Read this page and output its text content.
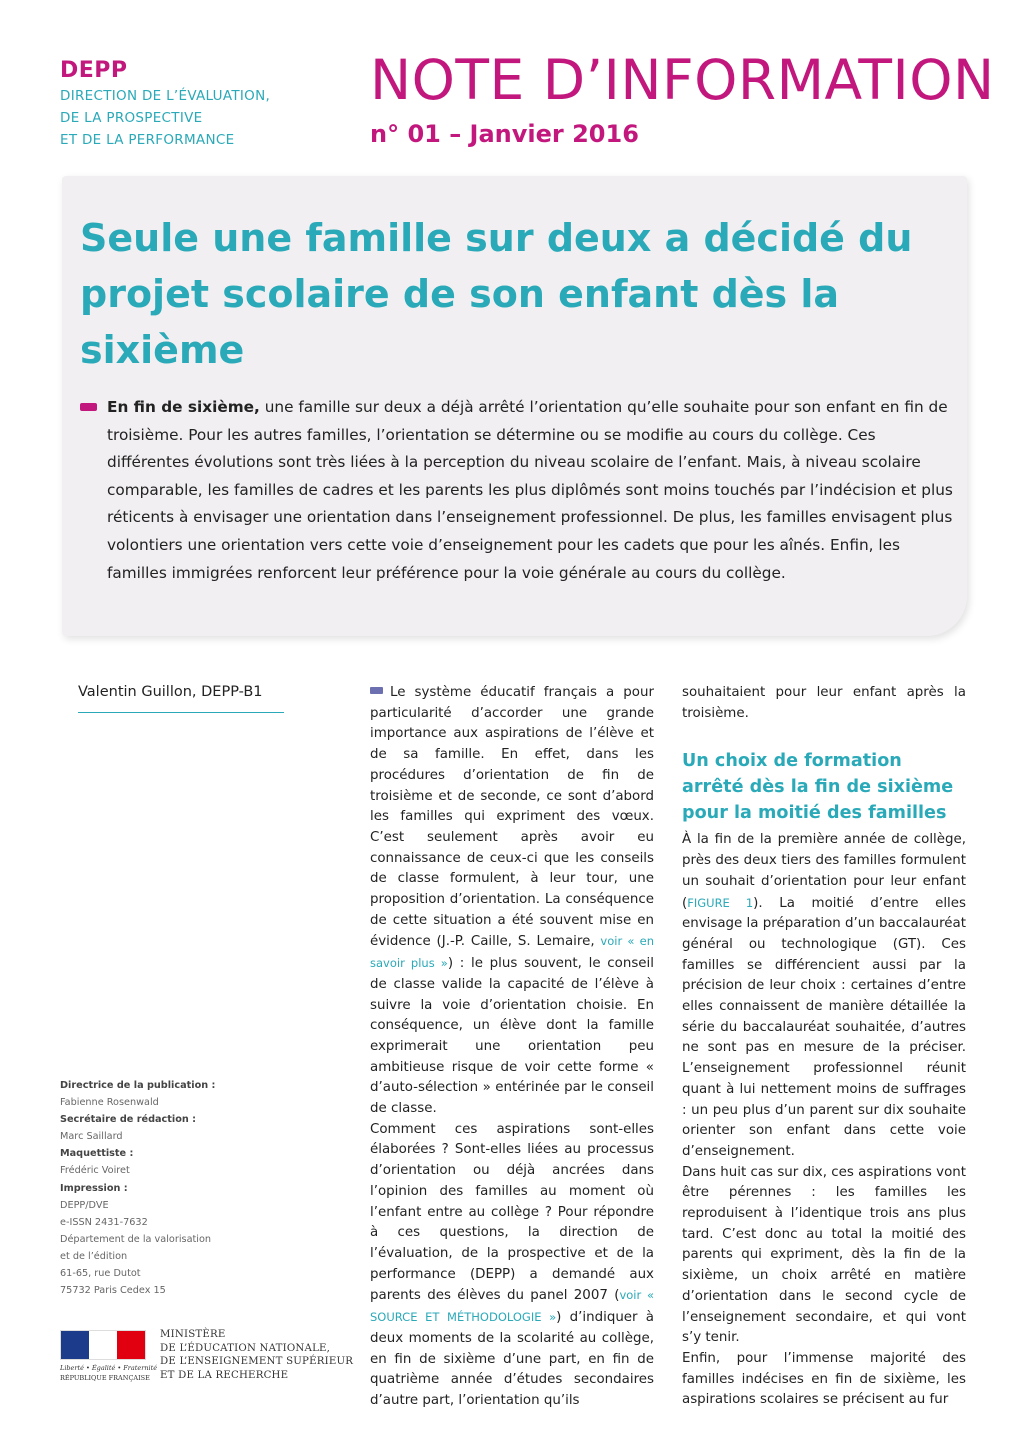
DEPP
DIRECTION DE L’ÉVALUATION,
DE LA PROSPECTIVE
ET DE LA PERFORMANCE
NOTE D’INFORMATION
n° 01 – Janvier 2016
Seule une famille sur deux a décidé du projet scolaire de son enfant dès la sixième

En fin de sixième, une famille sur deux a déjà arrêté l’orientation qu’elle souhaite pour son enfant en fin de troisième. Pour les autres familles, l’orientation se détermine ou se modifie au cours du collège. Ces différentes évolutions sont très liées à la perception du niveau scolaire de l’enfant. Mais, à niveau scolaire comparable, les familles de cadres et les parents les plus diplômés sont moins touchés par l’indécision et plus réticents à envisager une orientation dans l’enseignement professionnel. De plus, les familles envisagent plus volontiers une orientation vers cette voie d’enseignement pour les cadets que pour les aînés. Enfin, les familles immigrées renforcent leur préférence pour la voie générale au cours du collège.

Valentin Guillon, DEPP-B1
Directrice de la publication :
Fabienne Rosenwald
Secrétaire de rédaction :
Marc Saillard
Maquettiste :
Frédéric Voiret
Impression :
DEPP/DVE
e-ISSN 2431-7632
Département de la valorisation
et de l’édition
61-65, rue Dutot
75732 Paris Cedex 15
Liberté • Égalité • Fraternité
RÉPUBLIQUE FRANÇAISE
MINISTÈRE
DE L’ÉDUCATION NATIONALE,
DE L’ENSEIGNEMENT SUPÉRIEUR
ET DE LA RECHERCHE

Le système éducatif français a pour particularité d’accorder une grande importance aux aspirations de l’élève et de sa famille. En effet, dans les procédures d’orientation de fin de troisième et de seconde, ce sont d’abord les familles qui expriment des vœux. C’est seulement après avoir eu connaissance de ceux-ci que les conseils de classe formulent, à leur tour, une proposition d’orientation. La conséquence de cette situation a été souvent mise en évidence (J.-P. Caille, S. Lemaire, voir « en savoir plus ») : le plus souvent, le conseil de classe valide la capacité de l’élève à suivre la voie d’orientation choisie. En conséquence, un élève dont la famille exprimerait une orientation peu ambitieuse risque de voir cette forme « d’auto-sélection » entérinée par le conseil de classe.

Comment ces aspirations sont-elles élaborées ? Sont-elles liées au processus d’orientation ou déjà ancrées dans l’opinion des familles au moment où l’enfant entre au collège ? Pour répondre à ces questions, la direction de l’évaluation, de la prospective et de la performance (DEPP) a demandé aux parents des élèves du panel 2007 (voir « SOURCE ET MÉTHODOLOGIE ») d’indiquer à deux moments de la scolarité au collège, en fin de sixième d’une part, en fin de quatrième année d’études secondaires d’autre part, l’orientation qu’ils

souhaitaient pour leur enfant après la troisième.

Un choix de formation arrêté dès la fin de sixième pour la moitié des familles

À la fin de la première année de collège, près des deux tiers des familles formulent un souhait d’orientation pour leur enfant (FIGURE 1). La moitié d’entre elles envisage la préparation d’un baccalauréat général ou technologique (GT). Ces familles se différencient aussi par la précision de leur choix : certaines d’entre elles connaissent de manière détaillée la série du baccalauréat souhaitée, d’autres ne sont pas en mesure de la préciser. L’enseignement professionnel réunit quant à lui nettement moins de suffrages : un peu plus d’un parent sur dix souhaite orienter son enfant dans cette voie d’enseignement.

Dans huit cas sur dix, ces aspirations vont être pérennes : les familles les reproduisent à l’identique trois ans plus tard. C’est donc au total la moitié des parents qui expriment, dès la fin de la sixième, un choix arrêté en matière d’orientation dans le second cycle de l’enseignement secondaire, et qui vont s’y tenir.

Enfin, pour l’immense majorité des familles indécises en fin de sixième, les aspirations scolaires se précisent au fur
